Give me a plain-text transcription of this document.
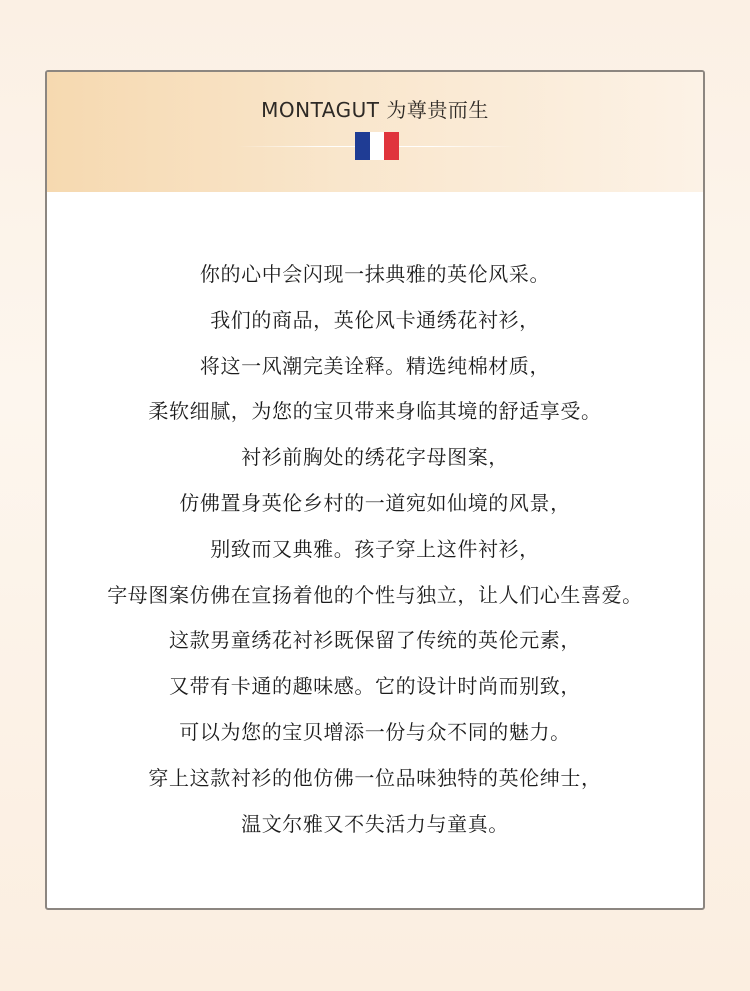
MONTAGUT 为尊贵而生
你的心中会闪现一抹典雅的英伦风采。
我们的商品，英伦风卡通绣花衬衫，
将这一风潮完美诠释。精选纯棉材质，
柔软细腻，为您的宝贝带来身临其境的舒适享受。
衬衫前胸处的绣花字母图案，
仿佛置身英伦乡村的一道宛如仙境的风景，
别致而又典雅。孩子穿上这件衬衫，
字母图案仿佛在宣扬着他的个性与独立，让人们心生喜爱。
这款男童绣花衬衫既保留了传统的英伦元素，
又带有卡通的趣味感。它的设计时尚而别致，
可以为您的宝贝增添一份与众不同的魅力。
穿上这款衬衫的他仿佛一位品味独特的英伦绅士，
温文尔雅又不失活力与童真。
